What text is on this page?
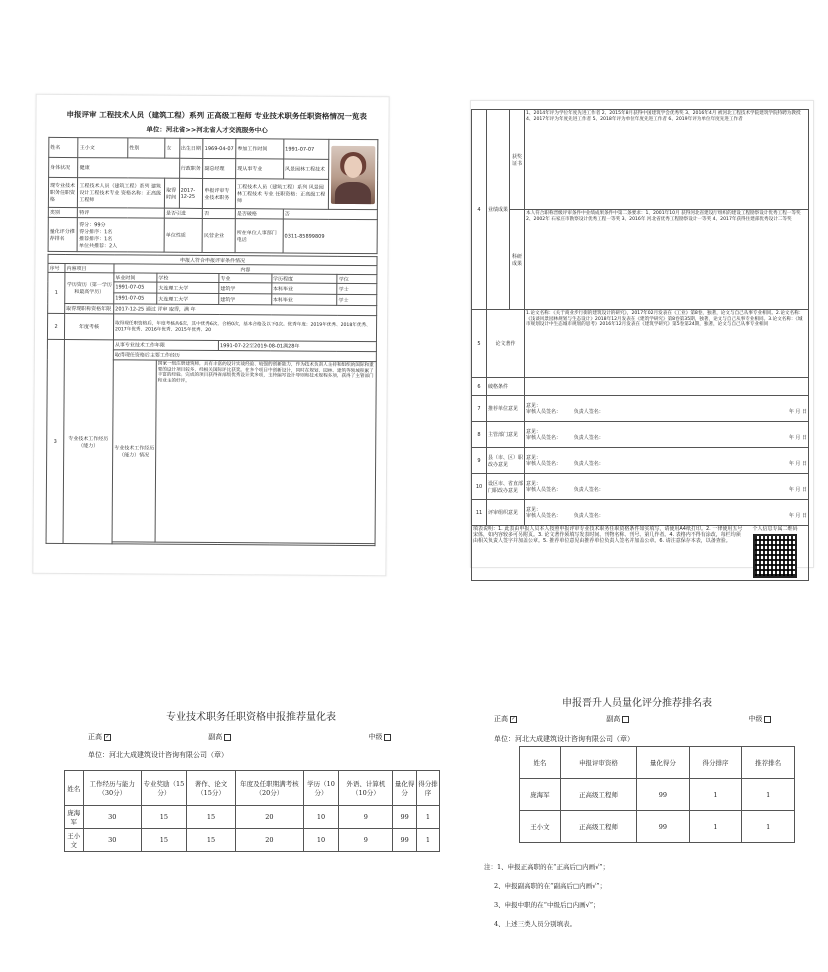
申报评审 工程技术人员（建筑工程）系列 正高级工程师 专业技术职务任职资格情况一览表
单位：河北省>>河北省人才交流服务中心
姓名	王小文	性别	女	出生日期	1969-04-07	参加工作时间	1991-07-07	

身体状况	健康			行政职务	副总经理	现从事专业	风景园林工程技术	
现专业技术职务任职资格	工程技术人员（建筑工程）系列 建筑设计工程技术专业 资格名称：正高级工程师		取得时间	2017-12-25	申报评审专业技术职务	工程技术人员（建筑工程）系列 风景园林工程技术 专业 任职资格：正高级工程师		
类别	特评		是否引进		否	是否破格	否	
量化评分推荐排名	得分：99分
得分排序：1名
推荐排序：1名
单位共推荐：2人		单位性质		民营企业	所在单位人事部门电话	0311-85899809	
申报人符合申报评审条件情况						
序号	内容项目	内容				
1	学历资历（第一学历和最高学历）	毕业时间	学校	专业	学历程度	学位
		1991-07-05	大连理工大学	建筑学	本科毕业	学士
		1991-07-05	大连理工大学	建筑学	本科毕业	学士
	取得现职称资格年限	2017-12-25 通过 评审 取得，满 年				
2	年度考核	取得现任职资格后，年度考核共6次，其中优秀6次，合格0次，基本合格及以下0次。优秀年度：2019年优秀、2018年优秀、2017年优秀、2016年优秀、2015年优秀、20				
3	专业技术工作经历（能力）	从事专业技术工作年限		1991-07-22至2019-08-01满28年		
		取得现任资格后主要工作经历				
		专业技术工作经历（能力）情况	国家一级注册建筑师，具有丰富的设计实战经验、较强的创新能力，作为技术负责人主持和组织的国际和重要的设计项目较多，经相关国际评比获奖。在多个项目中创新设计，同时在规划、园林、建筑等领域积累了丰富的经验。完成的项目获得省部级优秀设计奖多项，主持编写设计导则和技术规程多项，获得了主管部门和业主的好评。			

4	业绩成果	获奖证书	1、2014年评为学位年度先进工作者 2、2015年8月获得中国建筑学会优秀奖 3、2016年4月 被河北工程技术学院建筑学院特聘为教授 4、2017年评为年度先进工作者 5、2018年评为单位年度先进工作者 6、2019年评为单位年度先进工作者
		科研成果	本人符合职称晋级评审条件中业绩成果条件中第二条要求：1、2001年10月 获得河北省建设厅组织的建设工程勘察设计优秀工程一等奖 2、2002年 石家庄市勘察设计优秀工程一等奖 3、2016年 河北省优秀工程勘察设计一等奖 4、2017年获得住建部优秀设计二等奖
5	论文著作		1.论文名称：《关于商业步行街的建筑设计的研究》，2017年02月发表在《工业》第8卷，独著，论文与自己从事专业相同。2.论文名称：《浅谈风景园林规划与生态设计》2018年12月发表在《建筑学研究》第8卷第35期，独著，论文与自己从事专业相同。3.论文名称：《城市规划设计中生态城市规划的思考》2016年12月发表在《建筑学研究》第5卷第24期，独著，论文与自己从事专业相同
6	破格条件		
7	推荐单位意见		意见：
审核人员签名： 负责人签名： 年 月 日

8	主管部门意见		意见：
审核人员签名： 负责人签名： 年 月 日

9	县（市、区）职改办意见		意见：
审核人员签名： 负责人签名： 年 月 日

10	设区市、省直部门职改办意见		意见：
审核人员签名： 负责人签名： 年 月 日

11	评审组织意见		意见：
审核人员签名： 负责人签名： 年 月 日

填表说明：1. 此表由申报人员本人按照申报评审专业技术职务任职资格条件如实填写，请使用A4纸打印。2. 一律使用五号宋体，如内容较多可另附页。3. 论文著作须填写发表时间、刊物名称、刊号、第几作者。4. 表格内不得有涂改，每栏均须由相关负责人签字并加盖公章。5. 推荐单位意见由推荐单位负责人签名并加盖公章。6. 请注意保存本表，以备查验。
个人信息专属二维码			
专业技术职务任职资格申报推荐量化表
正高 ✓	副高	中级
单位：河北大成建筑设计咨询有限公司（章）
姓名	工作经历与能力（30分）	专业奖励（15分）	著作、论文（15分）	年度及任职期满考核（20分）	学历（10分）	外语、计算机（10分）	量化得分	得分排序
庞海军	30	15	15	20	10	9	99	1
王小文	30	15	15	20	10	9	99	1
申报晋升人员量化评分推荐排名表
正高 ✓	副高	中级
单位：河北大成建筑设计咨询有限公司（章）
姓名	申报评审资格	量化得分	得分排序	推荐排名
庞海军	正高级工程师	99	1	1
王小文	正高级工程师	99	1	1
注：1、申报正高职的在“正高后□内画√”；
2、申报副高职的在“副高后□内画√”；
3、申报中职的在“中级后□内画√”；
4、上述三类人员分别填表。
